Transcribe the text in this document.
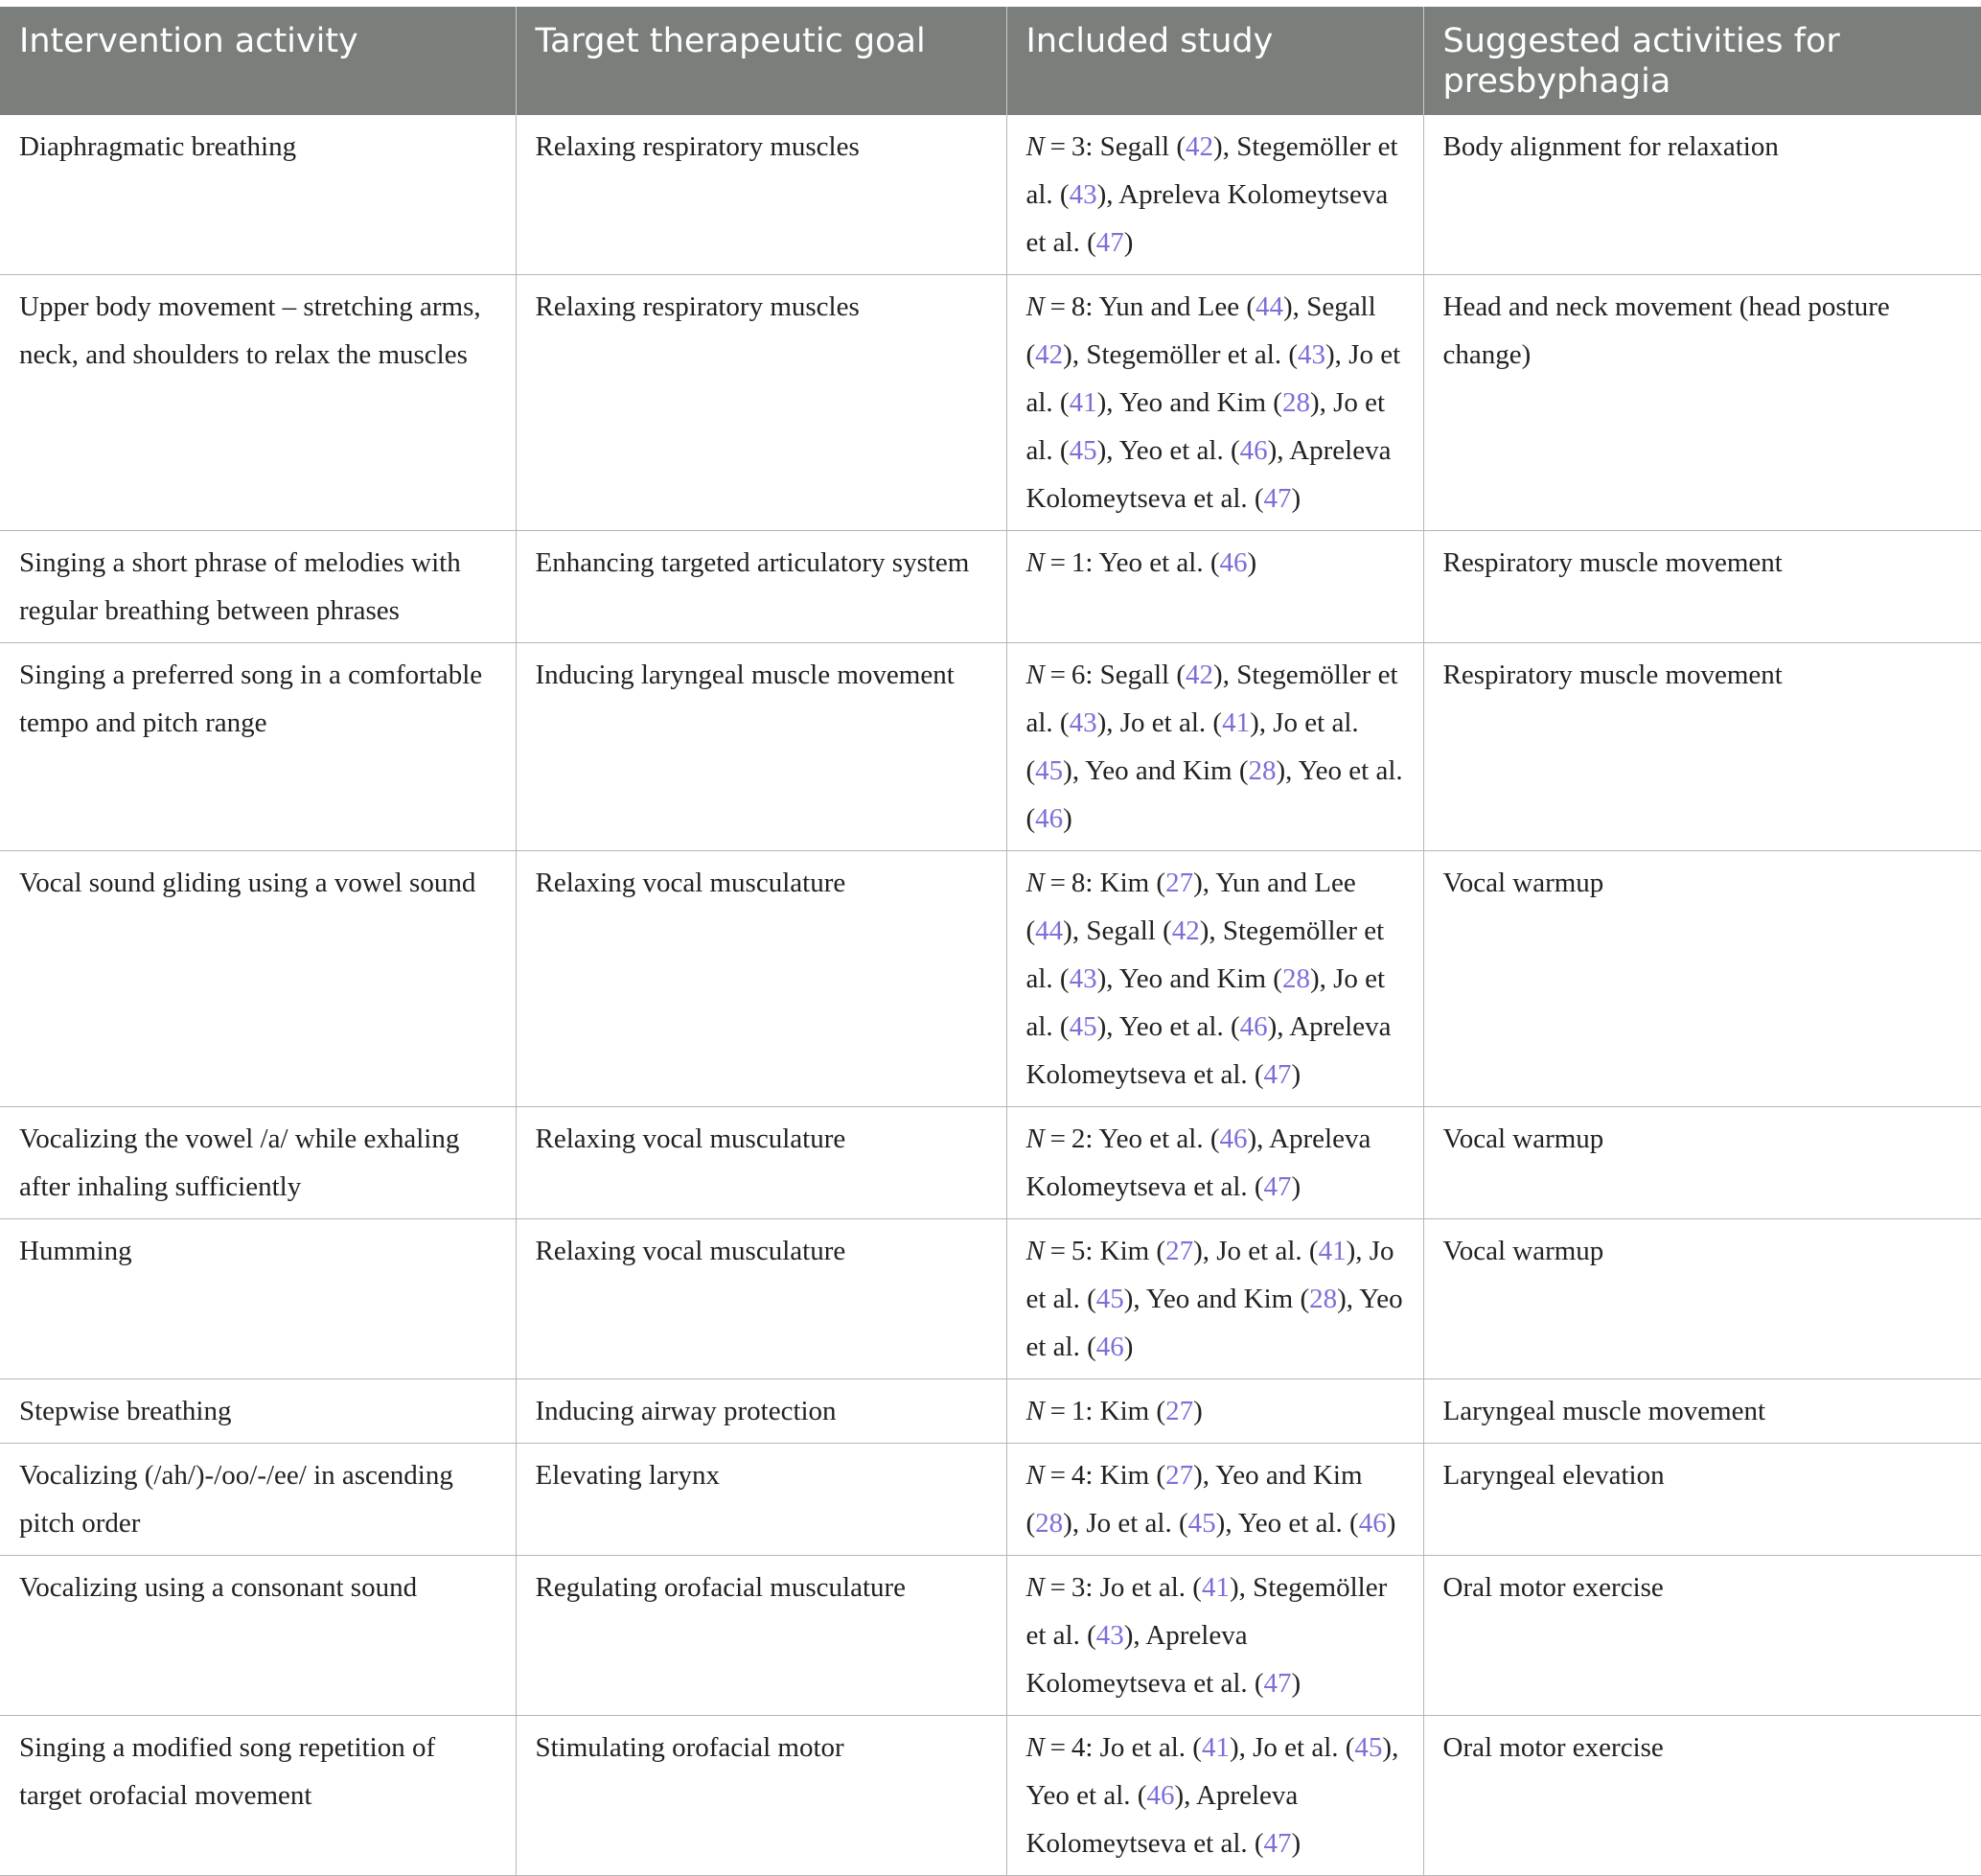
Intervention activity	Target therapeutic goal	Included study	Suggested activities for presbyphagia
Diaphragmatic breathing	Relaxing respiratory muscles	N = 3: Segall (42), Stegemöller et al. (43), Apreleva Kolomeytseva et al. (47)	Body alignment for relaxation
Upper body movement – stretching arms, neck, and shoulders to relax the muscles	Relaxing respiratory muscles	N = 8: Yun and Lee (44), Segall (42), Stegemöller et al. (43), Jo et al. (41), Yeo and Kim (28), Jo et al. (45), Yeo et al. (46), Apreleva Kolomeytseva et al. (47)	Head and neck movement (head posture change)
Singing a short phrase of melodies with regular breathing between phrases	Enhancing targeted articulatory system	N = 1: Yeo et al. (46)	Respiratory muscle movement
Singing a preferred song in a comfortable tempo and pitch range	Inducing laryngeal muscle movement	N = 6: Segall (42), Stegemöller et al. (43), Jo et al. (41), Jo et al. (45), Yeo and Kim (28), Yeo et al. (46)	Respiratory muscle movement
Vocal sound gliding using a vowel sound	Relaxing vocal musculature	N = 8: Kim (27), Yun and Lee (44), Segall (42), Stegemöller et al. (43), Yeo and Kim (28), Jo et al. (45), Yeo et al. (46), Apreleva Kolomeytseva et al. (47)	Vocal warmup
Vocalizing the vowel /a/ while exhaling after inhaling sufficiently	Relaxing vocal musculature	N = 2: Yeo et al. (46), Apreleva Kolomeytseva et al. (47)	Vocal warmup
Humming	Relaxing vocal musculature	N = 5: Kim (27), Jo et al. (41), Jo et al. (45), Yeo and Kim (28), Yeo et al. (46)	Vocal warmup
Stepwise breathing	Inducing airway protection	N = 1: Kim (27)	Laryngeal muscle movement
Vocalizing (/ah/)-/oo/-/ee/ in ascending pitch order	Elevating larynx	N = 4: Kim (27), Yeo and Kim (28), Jo et al. (45), Yeo et al. (46)	Laryngeal elevation
Vocalizing using a consonant sound	Regulating orofacial musculature	N = 3: Jo et al. (41), Stegemöller et al. (43), Apreleva Kolomeytseva et al. (47)	Oral motor exercise
Singing a modified song repetition of target orofacial movement	Stimulating orofacial motor	N = 4: Jo et al. (41), Jo et al. (45), Yeo et al. (46), Apreleva Kolomeytseva et al. (47)	Oral motor exercise
